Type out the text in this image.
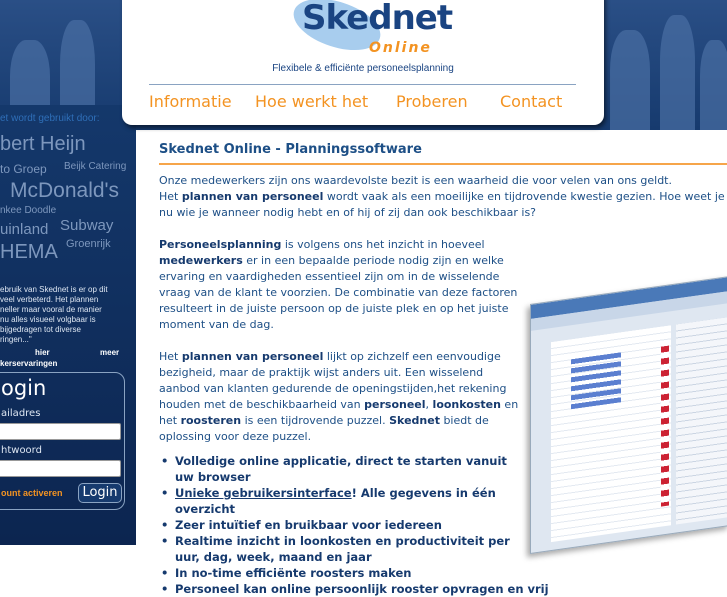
et wordt gebruikt door:
bert Heijn
to Groep Beijk Catering
McDonald's
nkee Doodle
uinland Subway
HEMA Groenrijk
ebruik van Skednet is er op dit
veel verbeterd. Het plannen
neller maar vooral de manier
nu alles visueel volgbaar is
bijgedragen tot diverse
ringen..."
hier	meer
kerservaringen
ogin
ailadres
htwoord
ount activeren	Login
Skednet
Online
Flexibele & efficiënte personeelsplanning
Informatie Hoe werkt het Proberen Contact
Skednet Online - Planningssoftware

Onze medewerkers zijn ons waardevolste bezit is een waarheid die voor velen van ons geldt.
Het plannen van personeel wordt vaak als een moeilijke en tijdrovende kwestie gezien. Hoe weet je nu wie je wanneer nodig hebt en of hij of zij dan ook beschikbaar is?

Personeelsplanning is volgens ons het inzicht in hoeveel medewerkers er in een bepaalde periode nodig zijn en welke ervaring en vaardigheden essentieel zijn om in de wisselende vraag van de klant te voorzien. De combinatie van deze factoren resulteert in de juiste persoon op de juiste plek en op het juiste moment van de dag.

Het plannen van personeel lijkt op zichzelf een eenvoudige bezigheid, maar de praktijk wijst anders uit. Een wisselend aanbod van klanten gedurende de openingstijden,het rekening houden met de beschikbaarheid van personeel, loonkosten en het roosteren is een tijdrovende puzzel. Skednet biedt de oplossing voor deze puzzel.

• Volledige online applicatie, direct te starten vanuit uw browser
• Unieke gebruikersinterface! Alle gegevens in één overzicht
• Zeer intuïtief en bruikbaar voor iedereen
• Realtime inzicht in loonkosten en productiviteit per uur, dag, week, maand en jaar
• In no-time efficiënte roosters maken
• Personeel kan online persoonlijk rooster opvragen en vrij
